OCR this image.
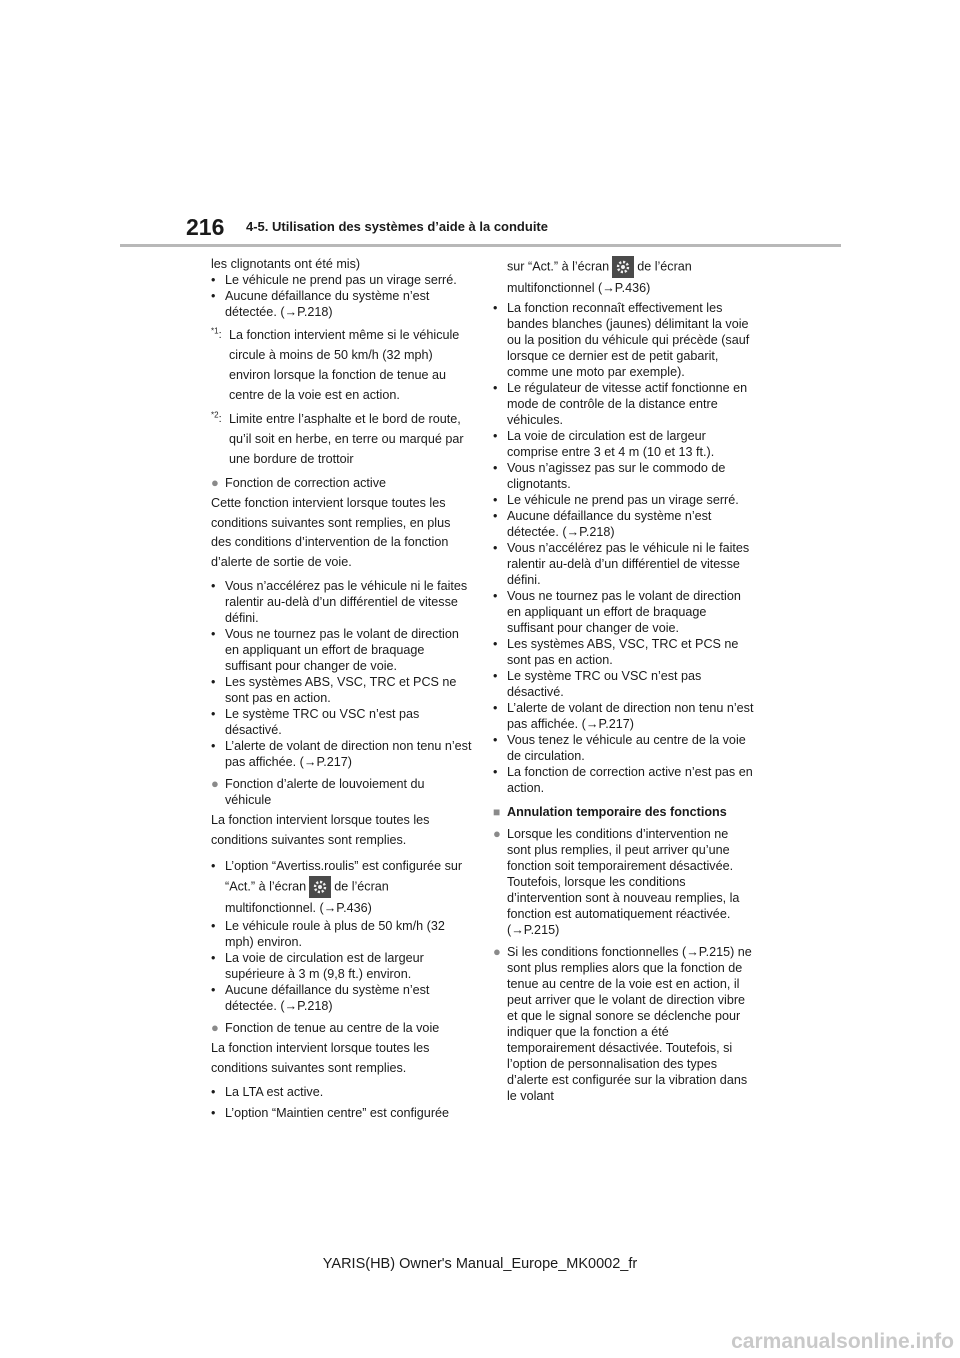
216 4-5. Utilisation des systèmes d’aide à la conduite

les clignotants ont été mis)

• Le véhicule ne prend pas un virage serré.
• Aucune défaillance du système n’est détectée. (→P.218)
$^{*1}$: La fonction intervient même si le véhicule circule à moins de 50 km/h (32 mph) environ lorsque la fonction de tenue au centre de la voie est en action.
$^{*2}$: Limite entre l’asphalte et le bord de route, qu’il soit en herbe, en terre ou marqué par une bordure de trottoir
● Fonction de correction active

Cette fonction intervient lorsque toutes les conditions suivantes sont remplies, en plus des conditions d’intervention de la fonction d’alerte de sortie de voie.

• Vous n’accélérez pas le véhicule ni le faites ralentir au-delà d’un différentiel de vitesse défini.
• Vous ne tournez pas le volant de direction en appliquant un effort de braquage suffisant pour changer de voie.
• Les systèmes ABS, VSC, TRC et PCS ne sont pas en action.
• Le système TRC ou VSC n’est pas désactivé.
• L’alerte de volant de direction non tenu n’est pas affichée. (→P.217)
● Fonction d’alerte de louvoiement du véhicule

La fonction intervient lorsque toutes les conditions suivantes sont remplies.

• L’option “Avertiss.roulis” est configurée sur “Act.” à l’écran de l’écran multifonctionnel. (→P.436)
• Le véhicule roule à plus de 50 km/h (32 mph) environ.
• La voie de circulation est de largeur supérieure à 3 m (9,8 ft.) environ.
• Aucune défaillance du système n’est détectée. (→P.218)
● Fonction de tenue au centre de la voie

La fonction intervient lorsque toutes les conditions suivantes sont remplies.

• La LTA est active.
• L’option “Maintien centre” est configurée

sur “Act.” à l’écran de l’écran multifonctionnel (→P.436)

• La fonction reconnaît effectivement les bandes blanches (jaunes) délimitant la voie ou la position du véhicule qui précède (sauf lorsque ce dernier est de petit gabarit, comme une moto par exemple).
• Le régulateur de vitesse actif fonctionne en mode de contrôle de la distance entre véhicules.
• La voie de circulation est de largeur comprise entre 3 et 4 m (10 et 13 ft.).
• Vous n’agissez pas sur le commodo de clignotants.
• Le véhicule ne prend pas un virage serré.
• Aucune défaillance du système n’est détectée. (→P.218)
• Vous n’accélérez pas le véhicule ni le faites ralentir au-delà d’un différentiel de vitesse défini.
• Vous ne tournez pas le volant de direction en appliquant un effort de braquage suffisant pour changer de voie.
• Les systèmes ABS, VSC, TRC et PCS ne sont pas en action.
• Le système TRC ou VSC n’est pas désactivé.
• L’alerte de volant de direction non tenu n’est pas affichée. (→P.217)
• Vous tenez le véhicule au centre de la voie de circulation.
• La fonction de correction active n’est pas en action.
■ Annulation temporaire des fonctions
● Lorsque les conditions d’intervention ne sont plus remplies, il peut arriver qu’une fonction soit temporairement désactivée. Toutefois, lorsque les conditions d’intervention sont à nouveau remplies, la fonction est automatiquement réactivée. (→P.215)
● Si les conditions fonctionnelles (→P.215) ne sont plus remplies alors que la fonction de tenue au centre de la voie est en action, il peut arriver que le volant de direction vibre et que le signal sonore se déclenche pour indiquer que la fonction a été temporairement désactivée. Toutefois, si l’option de personnalisation des types d’alerte est configurée sur la vibration dans le volant
YARIS(HB) Owner's Manual_Europe_MK0002_fr
carmanualsonline.info
